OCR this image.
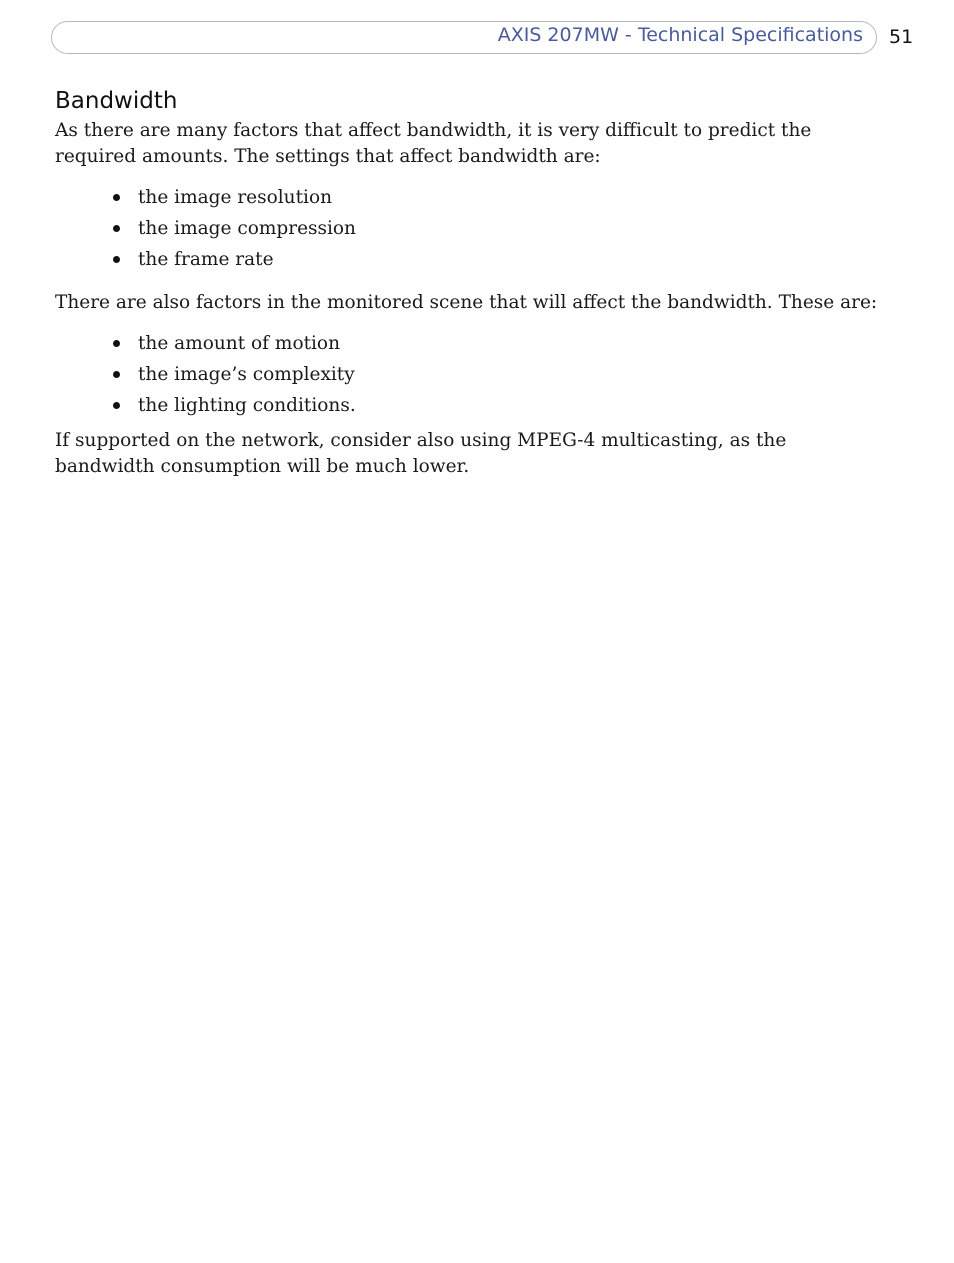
AXIS 207MW - Technical Specifications 51
Bandwidth

As there are many factors that affect bandwidth, it is very difficult to predict the required amounts. The settings that affect bandwidth are:

the image resolution
the image compression
the frame rate

There are also factors in the monitored scene that will affect the bandwidth. These are:

the amount of motion
the image’s complexity
the lighting conditions.

If supported on the network, consider also using MPEG-4 multicasting, as the bandwidth consumption will be much lower.
